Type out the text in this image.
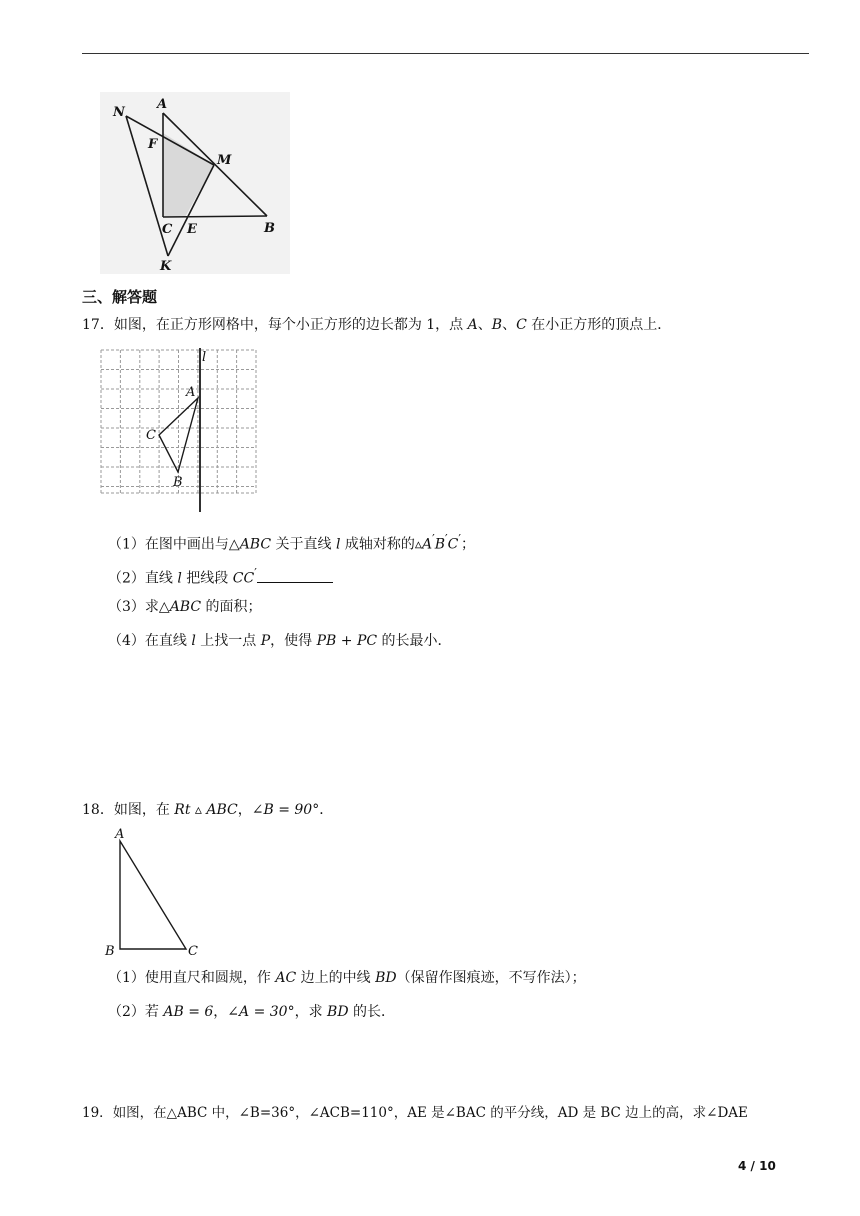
N
A
F
M
C E	B
K
三、解答题
17．如图，在正方形网格中，每个小正方形的边长都为 1，点 A、B、C 在小正方形的顶点上．
l
A
C
B
（1）在图中画出与△ABC 关于直线 l 成轴对称的▵A′B′C′；
（2）直线 l 把线段 CC′
（3）求△ABC 的面积；
（4）在直线 l 上找一点 P，使得 PB + PC 的长最小．
18．如图，在 Rt ▵ ABC，∠B = 90°．
A
B	C
（1）使用直尺和圆规，作 AC 边上的中线 BD（保留作图痕迹，不写作法）；
（2）若 AB = 6，∠A = 30°，求 BD 的长．
19．如图，在△ABC 中，∠B=36°，∠ACB=110°，AE 是∠BAC 的平分线，AD 是 BC 边上的高，求∠DAE
4 / 10
